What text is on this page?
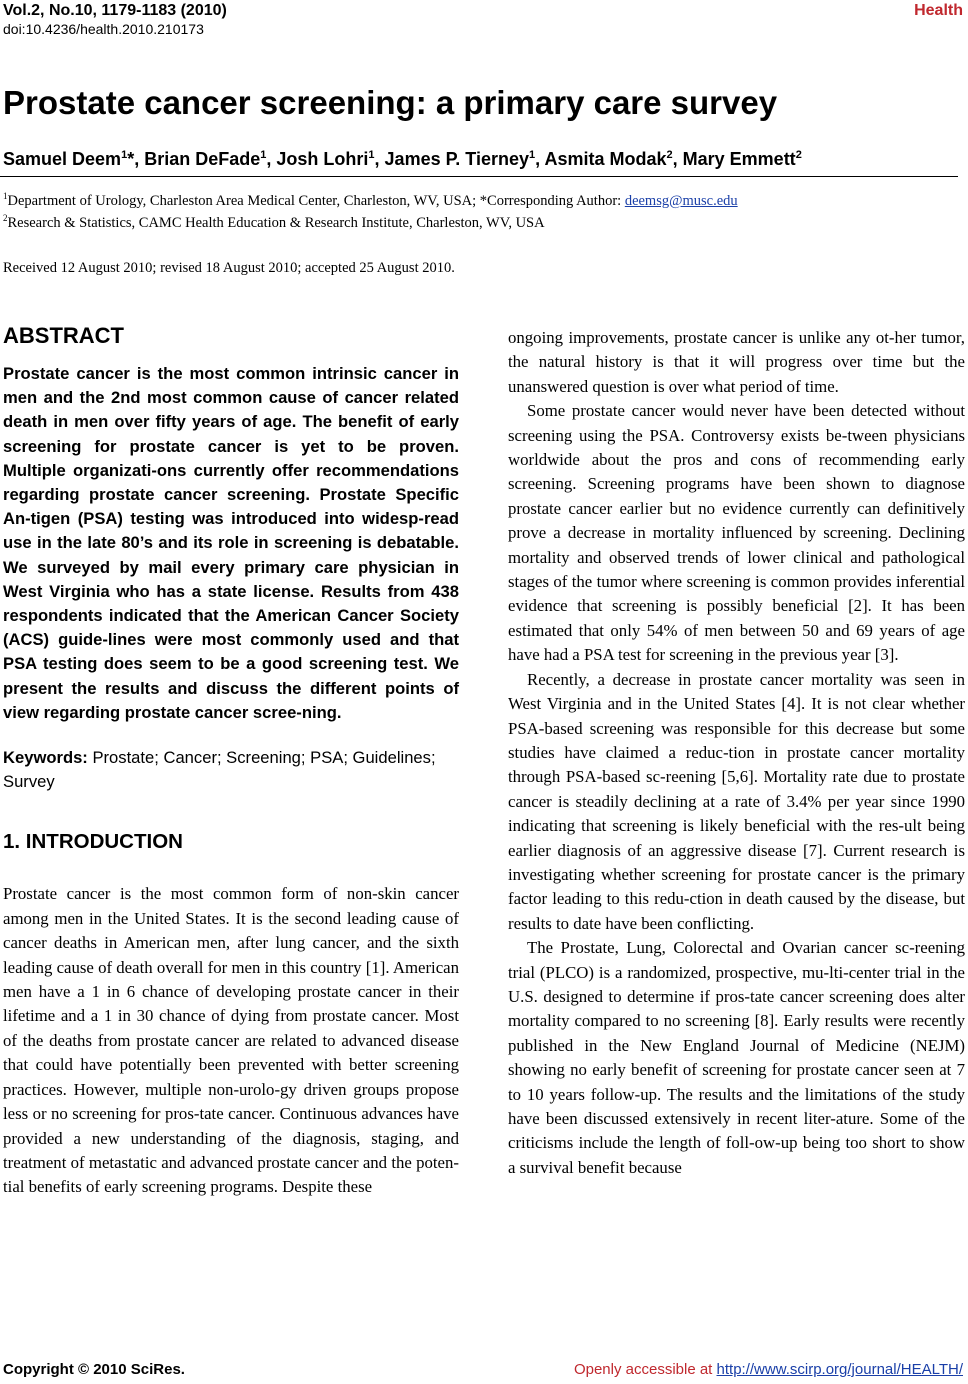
Vol.2, No.10, 1179-1183 (2010)
doi:10.4236/health.2010.210173
Health
Prostate cancer screening: a primary care survey
Samuel Deem$^1$*, Brian DeFade$^1$, Josh Lohri$^1$, James P. Tierney$^1$, Asmita Modak$^2$, Mary Emmett$^2$
$^1$Department of Urology, Charleston Area Medical Center, Charleston, WV, USA; *Corresponding Author: deemsg@musc.edu
$^2$Research & Statistics, CAMC Health Education & Research Institute, Charleston, WV, USA
Received 12 August 2010; revised 18 August 2010; accepted 25 August 2010.
ABSTRACT

Prostate cancer is the most common intrinsic cancer in men and the 2nd most common cause of cancer related death in men over fifty years of age. The benefit of early screening for prostate cancer is yet to be proven. Multiple organizati-ons currently offer recommendations regarding prostate cancer screening. Prostate Specific An-tigen (PSA) testing was introduced into widesp-read use in the late 80’s and its role in screening is debatable. We surveyed by mail every primary care physician in West Virginia who has a state license. Results from 438 respondents indicated that the American Cancer Society (ACS) guide-lines were most commonly used and that PSA testing does seem to be a good screening test. We present the results and discuss the different points of view regarding prostate cancer scree-ning.

Keywords: Prostate; Cancer; Screening; PSA; Guidelines; Survey

1. INTRODUCTION

Prostate cancer is the most common form of non-skin cancer among men in the United States. It is the second leading cause of cancer deaths in American men, after lung cancer, and the sixth leading cause of death overall for men in this country [1]. American men have a 1 in 6 chance of developing prostate cancer in their lifetime and a 1 in 30 chance of dying from prostate cancer. Most of the deaths from prostate cancer are related to advanced disease that could have potentially been prevented with better screening practices. However, multiple non-urolo-gy driven groups propose less or no screening for pros-tate cancer. Continuous advances have provided a new understanding of the diagnosis, staging, and treatment of metastatic and advanced prostate cancer and the poten-tial benefits of early screening programs. Despite these

ongoing improvements, prostate cancer is unlike any ot-her tumor, the natural history is that it will progress over time but the unanswered question is over what period of time.

Some prostate cancer would never have been detected without screening using the PSA. Controversy exists be-tween physicians worldwide about the pros and cons of recommending early screening. Screening programs have been shown to diagnose prostate cancer earlier but no evidence currently can definitively prove a decrease in mortality influenced by screening. Declining mortality and observed trends of lower clinical and pathological stages of the tumor where screening is common provides inferential evidence that screening is possibly beneficial [2]. It has been estimated that only 54% of men between 50 and 69 years of age have had a PSA test for screening in the previous year [3].

Recently, a decrease in prostate cancer mortality was seen in West Virginia and in the United States [4]. It is not clear whether PSA-based screening was responsible for this decrease but some studies have claimed a reduc-tion in prostate cancer mortality through PSA-based sc-reening [5,6]. Mortality rate due to prostate cancer is steadily declining at a rate of 3.4% per year since 1990 indicating that screening is likely beneficial with the res-ult being earlier diagnosis of an aggressive disease [7]. Current research is investigating whether screening for prostate cancer is the primary factor leading to this redu-ction in death caused by the disease, but results to date have been conflicting.

The Prostate, Lung, Colorectal and Ovarian cancer sc-reening trial (PLCO) is a randomized, prospective, mu-lti-center trial in the U.S. designed to determine if pros-tate cancer screening does alter mortality compared to no screening [8]. Early results were recently published in the New England Journal of Medicine (NEJM) showing no early benefit of screening for prostate cancer seen at 7 to 10 years follow-up. The results and the limitations of the study have been discussed extensively in recent liter-ature. Some of the criticisms include the length of foll-ow-up being too short to show a survival benefit because

Copyright © 2010 SciRes.	Openly accessible at http://www.scirp.org/journal/HEALTH/
